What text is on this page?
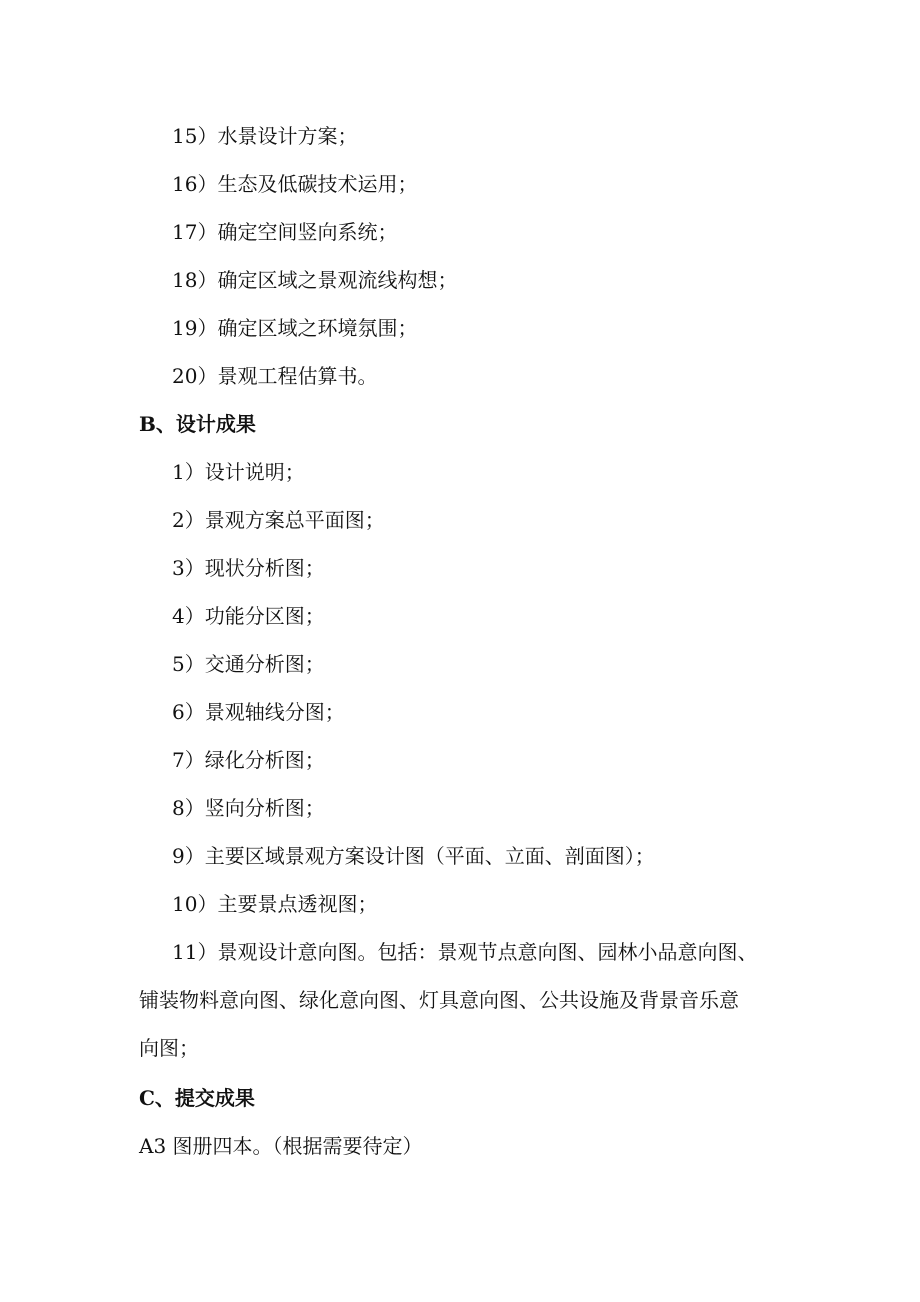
15）水景设计方案；
16）生态及低碳技术运用；
17）确定空间竖向系统；
18）确定区域之景观流线构想；
19）确定区域之环境氛围；
20）景观工程估算书。
B、设计成果
1）设计说明；
2）景观方案总平面图；
3）现状分析图；
4）功能分区图；
5）交通分析图；
6）景观轴线分图；
7）绿化分析图；
8）竖向分析图；
9）主要区域景观方案设计图（平面、立面、剖面图）；
10）主要景点透视图；
11）景观设计意向图。包括：景观节点意向图、园林小品意向图、
铺装物料意向图、绿化意向图、灯具意向图、公共设施及背景音乐意
向图；
C、提交成果
A3 图册四本。（根据需要待定）
